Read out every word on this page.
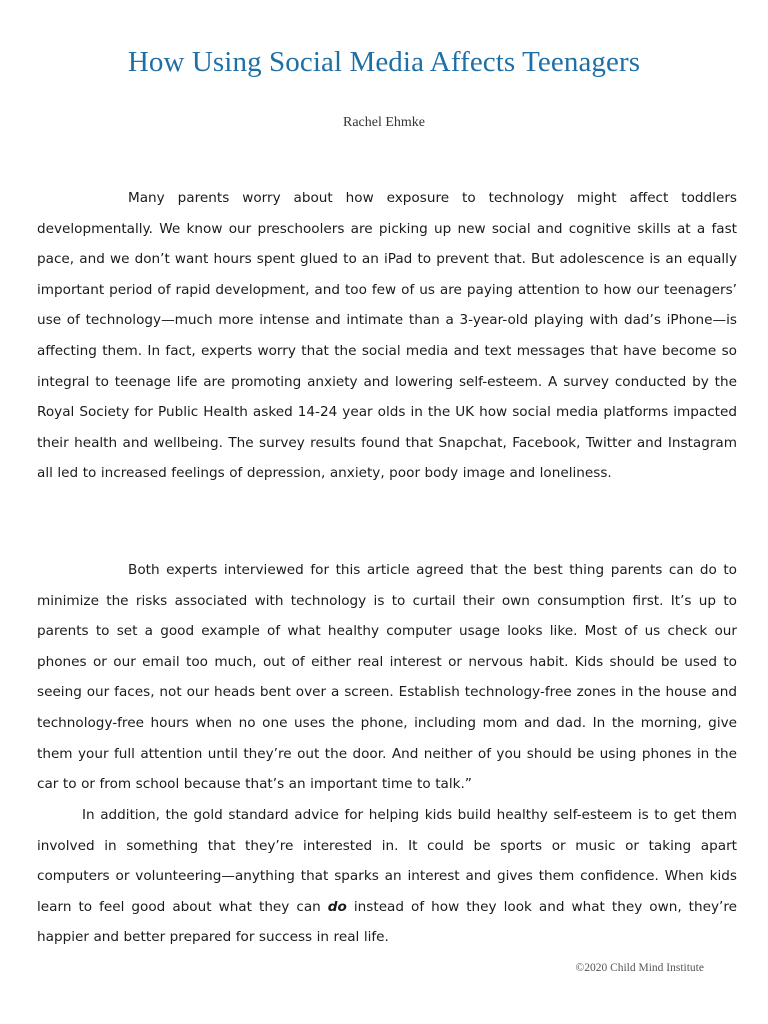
How Using Social Media Affects Teenagers
Rachel Ehmke

Many parents worry about how exposure to technology might affect toddlers developmentally. We know our preschoolers are picking up new social and cognitive skills at a fast pace, and we don’t want hours spent glued to an iPad to prevent that. But adolescence is an equally important period of rapid development, and too few of us are paying attention to how our teenagers’ use of technology—much more intense and intimate than a 3-year-old playing with dad’s iPhone—is affecting them. In fact, experts worry that the social media and text messages that have become so integral to teenage life are promoting anxiety and lowering self-esteem. A survey conducted by the Royal Society for Public Health asked 14-24 year olds in the UK how social media platforms impacted their health and wellbeing. The survey results found that Snapchat, Facebook, Twitter and Instagram all led to increased feelings of depression, anxiety, poor body image and loneliness.

Both experts interviewed for this article agreed that the best thing parents can do to minimize the risks associated with technology is to curtail their own consumption first. It’s up to parents to set a good example of what healthy computer usage looks like. Most of us check our phones or our email too much, out of either real interest or nervous habit. Kids should be used to seeing our faces, not our heads bent over a screen. Establish technology-free zones in the house and technology-free hours when no one uses the phone, including mom and dad. In the morning, give them your full attention until they’re out the door. And neither of you should be using phones in the car to or from school because that’s an important time to talk.”

In addition, the gold standard advice for helping kids build healthy self-esteem is to get them involved in something that they’re interested in. It could be sports or music or taking apart computers or volunteering—anything that sparks an interest and gives them confidence. When kids learn to feel good about what they can do instead of how they look and what they own, they’re happier and better prepared for success in real life.

©2020 Child Mind Institute
